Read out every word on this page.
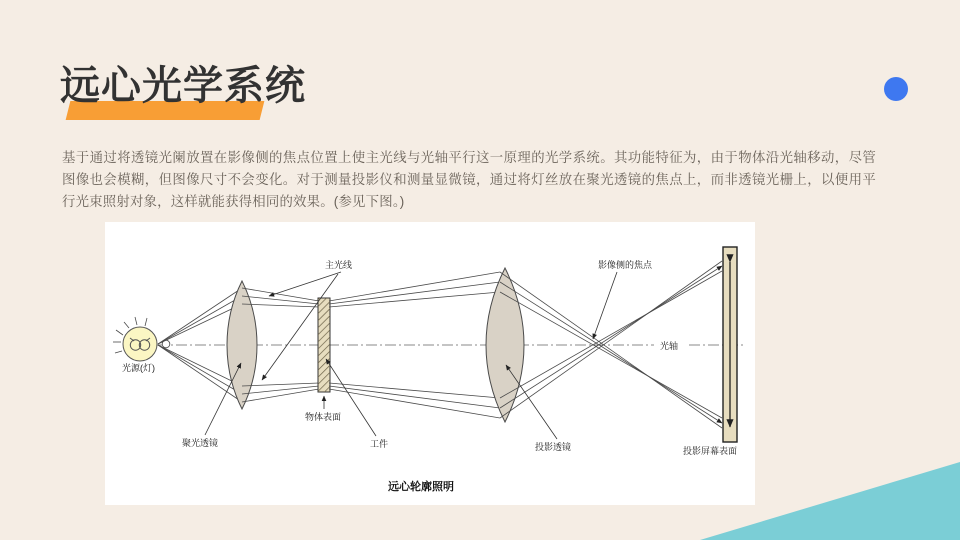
远心光学系统
基于通过将透镜光阑放置在影像侧的焦点位置上使主光线与光轴平行这一原理的光学系统。其功能特征为，由于物体沿光轴移动，尽管图像也会模糊，但图像尺寸不会变化。对于测量投影仪和测量显微镜，通过将灯丝放在聚光透镜的焦点上，而非透镜光栅上，以便用平行光束照射对象，这样就能获得相同的效果。(参见下图。)
光源(灯)
主光线
聚光透镜
物体表面
工件	投影透镜
影像侧的焦点
光轴
投影屏幕表面
远心轮廓照明
